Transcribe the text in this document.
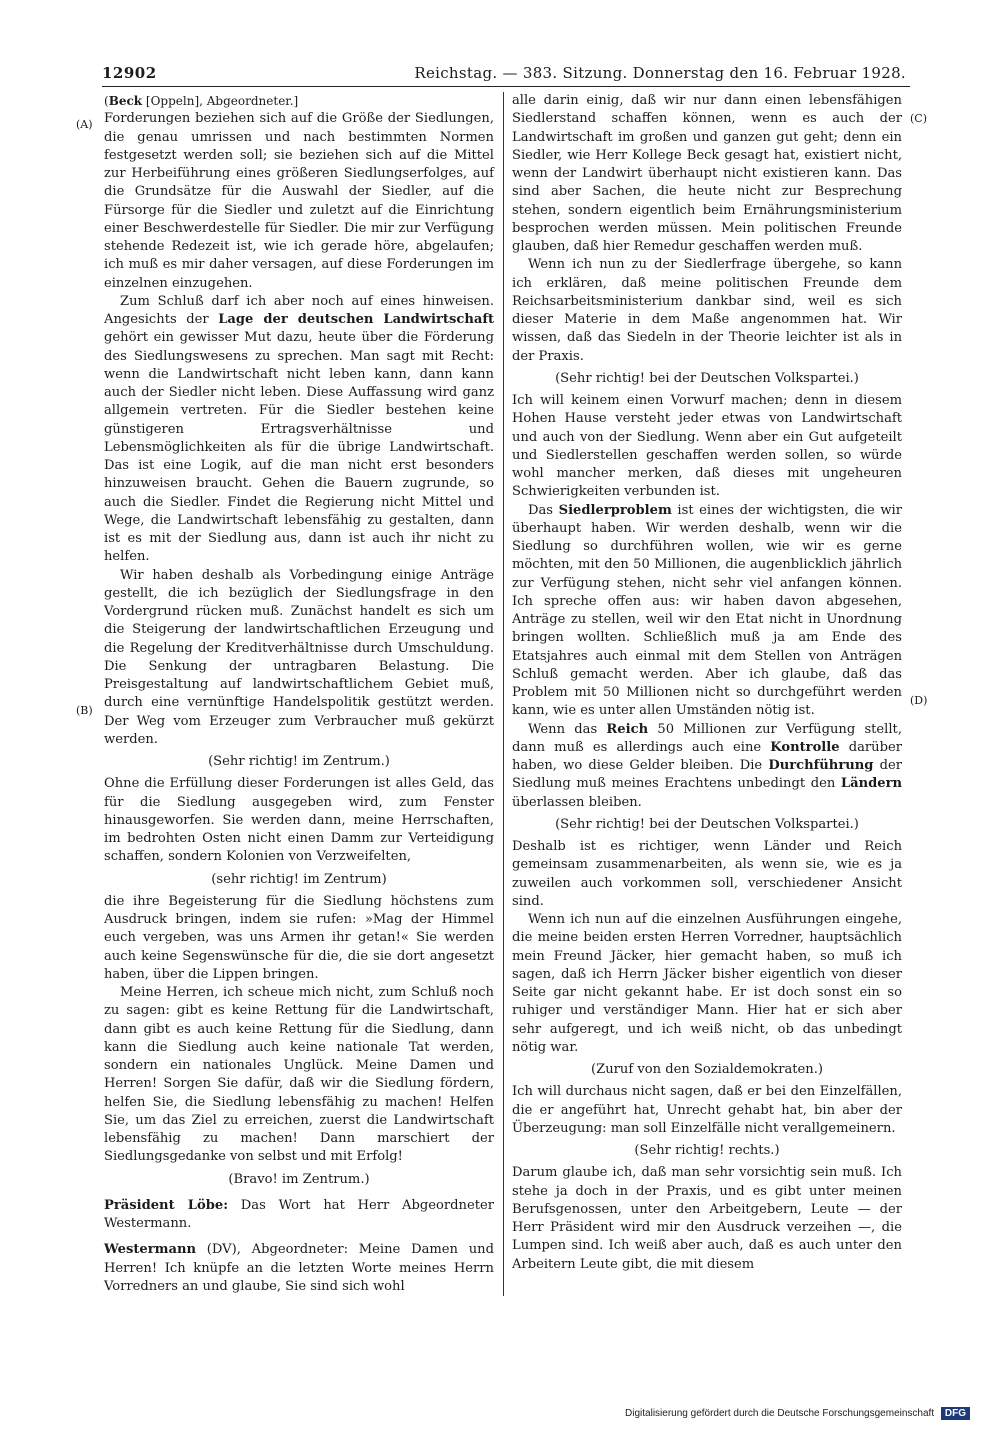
12902	Reichstag. — 383. Sitzung. Donnerstag den 16. Februar 1928.
(A)
(B)
(C)
(D)

(Beck [Oppeln], Abgeordneter.]

Forderungen beziehen sich auf die Größe der Siedlungen, die genau umrissen und nach bestimmten Normen festgesetzt werden soll; sie beziehen sich auf die Mittel zur Herbeiführung eines größeren Siedlungserfolges, auf die Grundsätze für die Auswahl der Siedler, auf die Fürsorge für die Siedler und zuletzt auf die Einrichtung einer Beschwerdestelle für Siedler. Die mir zur Verfügung stehende Redezeit ist, wie ich gerade höre, abgelaufen; ich muß es mir daher versagen, auf diese Forderungen im einzelnen einzugehen.

Zum Schluß darf ich aber noch auf eines hinweisen. Angesichts der Lage der deutschen Landwirtschaft gehört ein gewisser Mut dazu, heute über die Förderung des Siedlungswesens zu sprechen. Man sagt mit Recht: wenn die Landwirtschaft nicht leben kann, dann kann auch der Siedler nicht leben. Diese Auffassung wird ganz allgemein vertreten. Für die Siedler bestehen keine günstigeren Ertragsverhältnisse und Lebensmöglichkeiten als für die übrige Landwirtschaft. Das ist eine Logik, auf die man nicht erst besonders hinzuweisen braucht. Gehen die Bauern zugrunde, so auch die Siedler. Findet die Regierung nicht Mittel und Wege, die Landwirtschaft lebensfähig zu gestalten, dann ist es mit der Siedlung aus, dann ist auch ihr nicht zu helfen.

Wir haben deshalb als Vorbedingung einige Anträge gestellt, die ich bezüglich der Siedlungsfrage in den Vordergrund rücken muß. Zunächst handelt es sich um die Steigerung der landwirtschaftlichen Erzeugung und die Regelung der Kreditverhältnisse durch Umschuldung. Die Senkung der untragbaren Belastung. Die Preisgestaltung auf landwirtschaftlichem Gebiet muß, durch eine vernünftige Handelspolitik gestützt werden. Der Weg vom Erzeuger zum Verbraucher muß gekürzt werden.

(Sehr richtig! im Zentrum.)

Ohne die Erfüllung dieser Forderungen ist alles Geld, das für die Siedlung ausgegeben wird, zum Fenster hinausgeworfen. Sie werden dann, meine Herrschaften, im bedrohten Osten nicht einen Damm zur Verteidigung schaffen, sondern Kolonien von Verzweifelten,

(sehr richtig! im Zentrum)

die ihre Begeisterung für die Siedlung höchstens zum Ausdruck bringen, indem sie rufen: »Mag der Himmel euch vergeben, was uns Armen ihr getan!« Sie werden auch keine Segenswünsche für die, die sie dort angesetzt haben, über die Lippen bringen.

Meine Herren, ich scheue mich nicht, zum Schluß noch zu sagen: gibt es keine Rettung für die Landwirtschaft, dann gibt es auch keine Rettung für die Siedlung, dann kann die Siedlung auch keine nationale Tat werden, sondern ein nationales Unglück. Meine Damen und Herren! Sorgen Sie dafür, daß wir die Siedlung fördern, helfen Sie, die Siedlung lebensfähig zu machen! Helfen Sie, um das Ziel zu erreichen, zuerst die Landwirtschaft lebensfähig zu machen! Dann marschiert der Siedlungsgedanke von selbst und mit Erfolg!

(Bravo! im Zentrum.)

Präsident Löbe: Das Wort hat Herr Abgeordneter Westermann.

Westermann (DV), Abgeordneter: Meine Damen und Herren! Ich knüpfe an die letzten Worte meines Herrn Vorredners an und glaube, Sie sind sich wohl

alle darin einig, daß wir nur dann einen lebensfähigen Siedlerstand schaffen können, wenn es auch der Landwirtschaft im großen und ganzen gut geht; denn ein Siedler, wie Herr Kollege Beck gesagt hat, existiert nicht, wenn der Landwirt überhaupt nicht existieren kann. Das sind aber Sachen, die heute nicht zur Besprechung stehen, sondern eigentlich beim Ernährungsministerium besprochen werden müssen. Mein politischen Freunde glauben, daß hier Remedur geschaffen werden muß.

Wenn ich nun zu der Siedlerfrage übergehe, so kann ich erklären, daß meine politischen Freunde dem Reichsarbeitsministerium dankbar sind, weil es sich dieser Materie in dem Maße angenommen hat. Wir wissen, daß das Siedeln in der Theorie leichter ist als in der Praxis.

(Sehr richtig! bei der Deutschen Volkspartei.)

Ich will keinem einen Vorwurf machen; denn in diesem Hohen Hause versteht jeder etwas von Landwirtschaft und auch von der Siedlung. Wenn aber ein Gut aufgeteilt und Siedlerstellen geschaffen werden sollen, so würde wohl mancher merken, daß dieses mit ungeheuren Schwierigkeiten verbunden ist.

Das Siedlerproblem ist eines der wichtigsten, die wir überhaupt haben. Wir werden deshalb, wenn wir die Siedlung so durchführen wollen, wie wir es gerne möchten, mit den 50 Millionen, die augenblicklich jährlich zur Verfügung stehen, nicht sehr viel anfangen können. Ich spreche offen aus: wir haben davon abgesehen, Anträge zu stellen, weil wir den Etat nicht in Unordnung bringen wollten. Schließlich muß ja am Ende des Etatsjahres auch einmal mit dem Stellen von Anträgen Schluß gemacht werden. Aber ich glaube, daß das Problem mit 50 Millionen nicht so durchgeführt werden kann, wie es unter allen Umständen nötig ist.

Wenn das Reich 50 Millionen zur Verfügung stellt, dann muß es allerdings auch eine Kontrolle darüber haben, wo diese Gelder bleiben. Die Durchführung der Siedlung muß meines Erachtens unbedingt den Ländern überlassen bleiben.

(Sehr richtig! bei der Deutschen Volkspartei.)

Deshalb ist es richtiger, wenn Länder und Reich gemeinsam zusammenarbeiten, als wenn sie, wie es ja zuweilen auch vorkommen soll, verschiedener Ansicht sind.

Wenn ich nun auf die einzelnen Ausführungen eingehe, die meine beiden ersten Herren Vorredner, hauptsächlich mein Freund Jäcker, hier gemacht haben, so muß ich sagen, daß ich Herrn Jäcker bisher eigentlich von dieser Seite gar nicht gekannt habe. Er ist doch sonst ein so ruhiger und verständiger Mann. Hier hat er sich aber sehr aufgeregt, und ich weiß nicht, ob das unbedingt nötig war.

(Zuruf von den Sozialdemokraten.)

Ich will durchaus nicht sagen, daß er bei den Einzelfällen, die er angeführt hat, Unrecht gehabt hat, bin aber der Überzeugung: man soll Einzelfälle nicht verallgemeinern.

(Sehr richtig! rechts.)

Darum glaube ich, daß man sehr vorsichtig sein muß. Ich stehe ja doch in der Praxis, und es gibt unter meinen Berufsgenossen, unter den Arbeitgebern, Leute — der Herr Präsident wird mir den Ausdruck verzeihen —, die Lumpen sind. Ich weiß aber auch, daß es auch unter den Arbeitern Leute gibt, die mit diesem

Digitalisierung gefördert durch die Deutsche Forschungsgemeinschaft DFG
